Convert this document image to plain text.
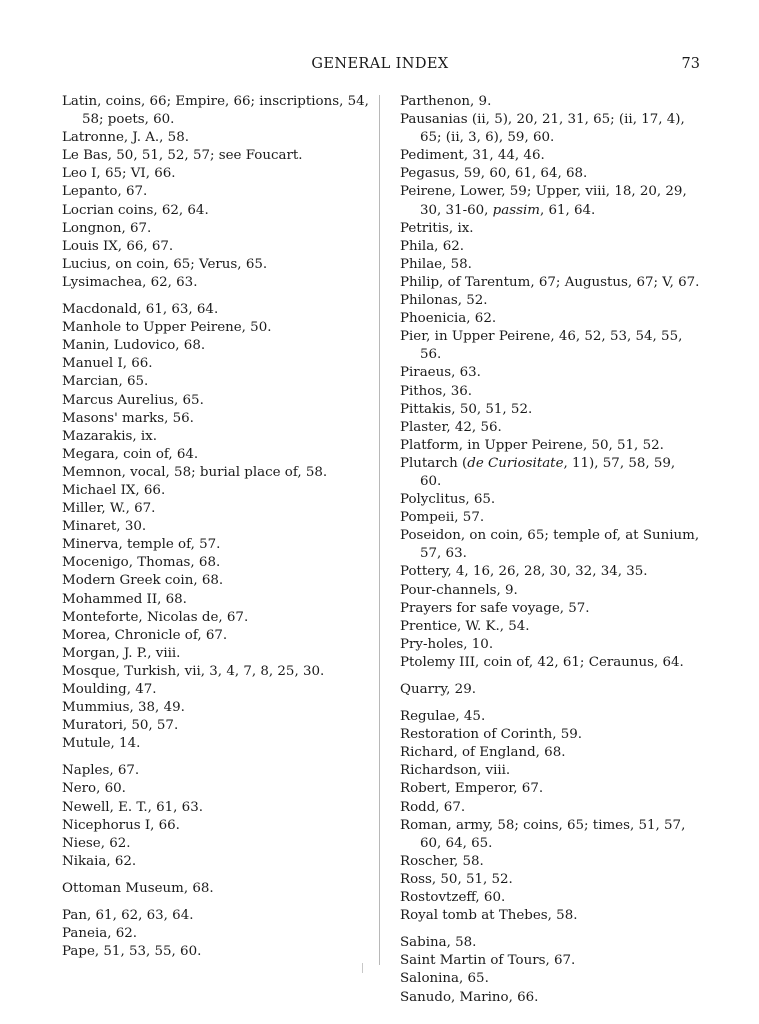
GENERAL INDEX	73
Latin, coins, 66; Empire, 66; inscriptions, 54, 58; poets, 60.
Latronne, J. A., 58.
Le Bas, 50, 51, 52, 57; see Foucart.
Leo I, 65; VI, 66.
Lepanto, 67.
Locrian coins, 62, 64.
Longnon, 67.
Louis IX, 66, 67.
Lucius, on coin, 65; Verus, 65.
Lysimachea, 62, 63.
Macdonald, 61, 63, 64.
Manhole to Upper Peirene, 50.
Manin, Ludovico, 68.
Manuel I, 66.
Marcian, 65.
Marcus Aurelius, 65.
Masons' marks, 56.
Mazarakis, ix.
Megara, coin of, 64.
Memnon, vocal, 58; burial place of, 58.
Michael IX, 66.
Miller, W., 67.
Minaret, 30.
Minerva, temple of, 57.
Mocenigo, Thomas, 68.
Modern Greek coin, 68.
Mohammed II, 68.
Monteforte, Nicolas de, 67.
Morea, Chronicle of, 67.
Morgan, J. P., viii.
Mosque, Turkish, vii, 3, 4, 7, 8, 25, 30.
Moulding, 47.
Mummius, 38, 49.
Muratori, 50, 57.
Mutule, 14.
Naples, 67.
Nero, 60.
Newell, E. T., 61, 63.
Nicephorus I, 66.
Niese, 62.
Nikaia, 62.
Ottoman Museum, 68.
Pan, 61, 62, 63, 64.
Paneia, 62.
Pape, 51, 53, 55, 60.
Parthenon, 9.
Pausanias (ii, 5), 20, 21, 31, 65; (ii, 17, 4), 65; (ii, 3, 6), 59, 60.
Pediment, 31, 44, 46.
Pegasus, 59, 60, 61, 64, 68.
Peirene, Lower, 59; Upper, viii, 18, 20, 29, 30, 31-60, passim, 61, 64.
Petritis, ix.
Phila, 62.
Philae, 58.
Philip, of Tarentum, 67; Augustus, 67; V, 67.
Philonas, 52.
Phoenicia, 62.
Pier, in Upper Peirene, 46, 52, 53, 54, 55, 56.
Piraeus, 63.
Pithos, 36.
Pittakis, 50, 51, 52.
Plaster, 42, 56.
Platform, in Upper Peirene, 50, 51, 52.
Plutarch (de Curiositate, 11), 57, 58, 59, 60.
Polyclitus, 65.
Pompeii, 57.
Poseidon, on coin, 65; temple of, at Sunium, 57, 63.
Pottery, 4, 16, 26, 28, 30, 32, 34, 35.
Pour-channels, 9.
Prayers for safe voyage, 57.
Prentice, W. K., 54.
Pry-holes, 10.
Ptolemy III, coin of, 42, 61; Ceraunus, 64.
Quarry, 29.
Regulae, 45.
Restoration of Corinth, 59.
Richard, of England, 68.
Richardson, viii.
Robert, Emperor, 67.
Rodd, 67.
Roman, army, 58; coins, 65; times, 51, 57, 60, 64, 65.
Roscher, 58.
Ross, 50, 51, 52.
Rostovtzeff, 60.
Royal tomb at Thebes, 58.
Sabina, 58.
Saint Martin of Tours, 67.
Salonina, 65.
Sanudo, Marino, 66.
